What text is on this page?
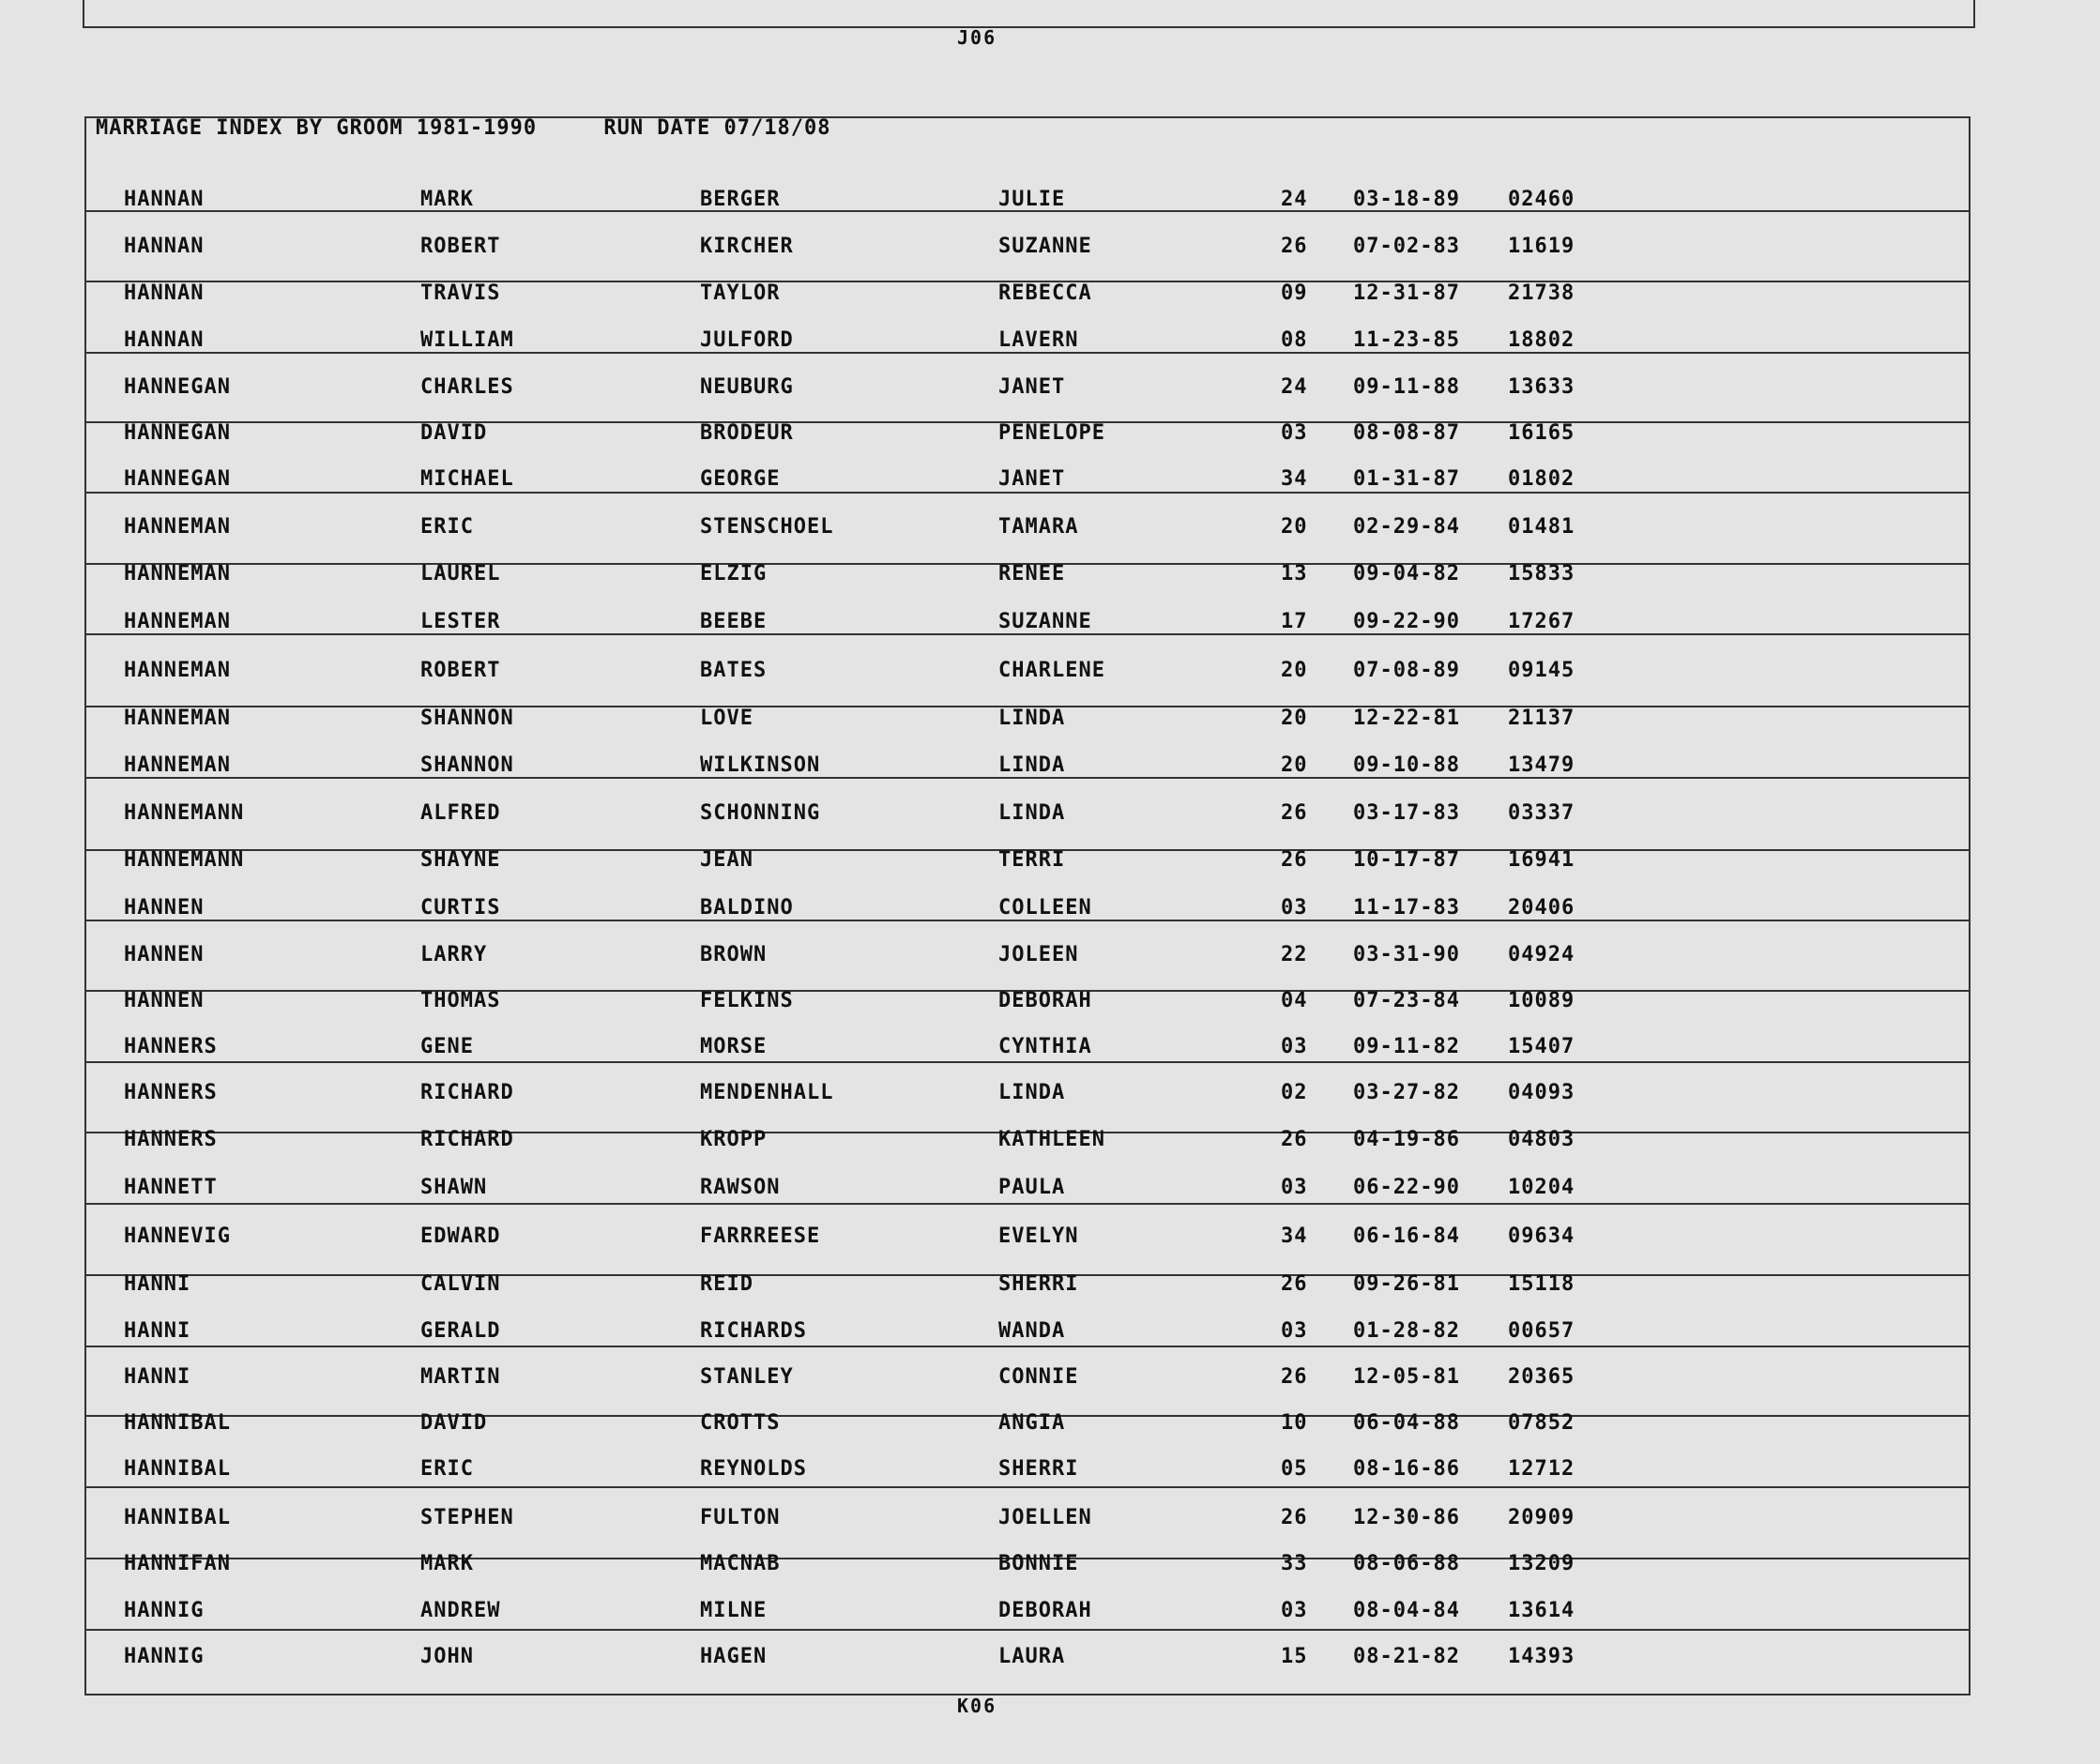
J06
MARRIAGE INDEX BY GROOM 1981-1990	RUN DATE 07/18/08
HANNAN	MARK	BERGER	JULIE	24 03-18-89 02460
HANNAN	ROBERT	KIRCHER	SUZANNE	26 07-02-83 11619
HANNAN	TRAVIS	TAYLOR	REBECCA	09 12-31-87 21738
HANNAN	WILLIAM	JULFORD	LAVERN	08 11-23-85 18802
HANNEGAN	CHARLES	NEUBURG	JANET	24 09-11-88 13633
HANNEGAN	DAVID	BRODEUR	PENELOPE	03 08-08-87 16165
HANNEGAN	MICHAEL	GEORGE	JANET	34 01-31-87 01802
HANNEMAN	ERIC	STENSCHOEL	TAMARA	20 02-29-84 01481
HANNEMAN	LAUREL	ELZIG	RENEE	13 09-04-82 15833
HANNEMAN	LESTER	BEEBE	SUZANNE	17 09-22-90 17267
HANNEMAN	ROBERT	BATES	CHARLENE	20 07-08-89 09145
HANNEMAN	SHANNON	LOVE	LINDA	20 12-22-81 21137
HANNEMAN	SHANNON	WILKINSON	LINDA	20 09-10-88 13479
HANNEMANN	ALFRED	SCHONNING	LINDA	26 03-17-83 03337
HANNEMANN	SHAYNE	JEAN	TERRI	26 10-17-87 16941
HANNEN	CURTIS	BALDINO	COLLEEN	03 11-17-83 20406
HANNEN	LARRY	BROWN	JOLEEN	22 03-31-90 04924
HANNEN	THOMAS	FELKINS	DEBORAH	04 07-23-84 10089
HANNERS	GENE	MORSE	CYNTHIA	03 09-11-82 15407
HANNERS	RICHARD	MENDENHALL	LINDA	02 03-27-82 04093
HANNERS	RICHARD	KROPP	KATHLEEN	26 04-19-86 04803
HANNETT	SHAWN	RAWSON	PAULA	03 06-22-90 10204
HANNEVIG	EDWARD	FARRREESE	EVELYN	34 06-16-84 09634
HANNI	CALVIN	REID	SHERRI	26 09-26-81 15118
HANNI	GERALD	RICHARDS	WANDA	03 01-28-82 00657
HANNI	MARTIN	STANLEY	CONNIE	26 12-05-81 20365
HANNIBAL	DAVID	CROTTS	ANGIA	10 06-04-88 07852
HANNIBAL	ERIC	REYNOLDS	SHERRI	05 08-16-86 12712
HANNIBAL	STEPHEN	FULTON	JOELLEN	26 12-30-86 20909
HANNIFAN	MARK	MACNAB	BONNIE	33 08-06-88 13209
HANNIG	ANDREW	MILNE	DEBORAH	03 08-04-84 13614
HANNIG	JOHN	HAGEN	LAURA	15 08-21-82 14393
K06
